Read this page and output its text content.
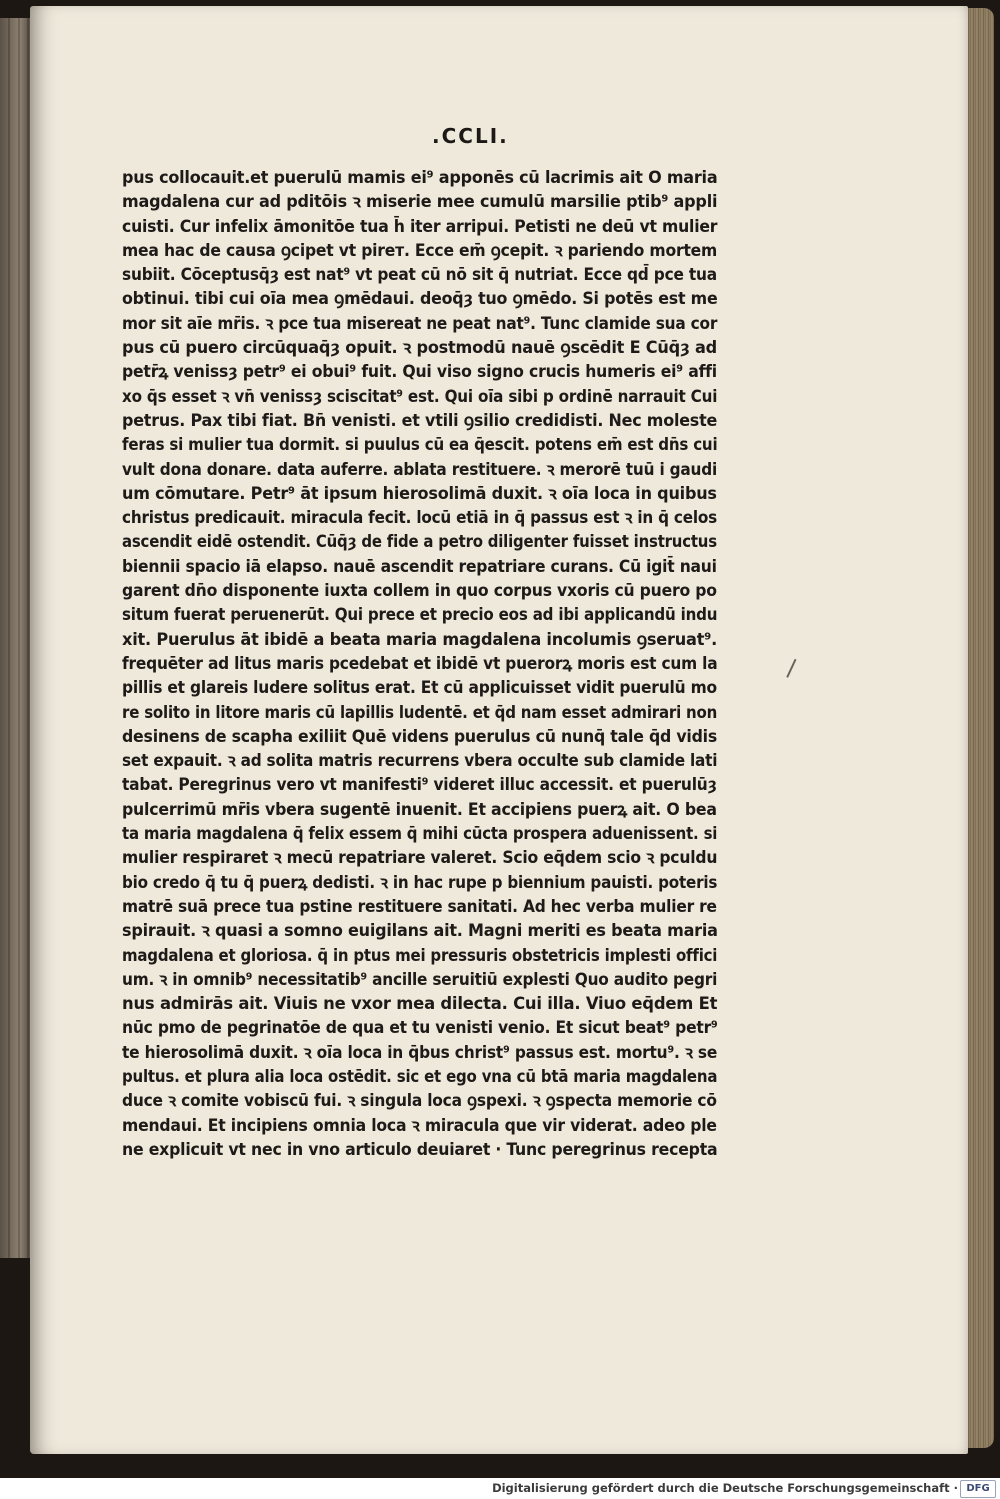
.CCLI.
pus collocauit.et puerulū mamis ei⁹ apponēs cū lacrimis ait O maria
magdalena cur ad pditōis ꝛ miserie mee cumulū marsilie ptib⁹ appli
cuisti. Cur infelix āmonitōe tua h̄ iter arripui. Petisti ne deū vt mulier
mea hac de causa ꝯcipet vt pireт. Ecce em̄ ꝯcepit. ꝛ pariendo mortem
subiit. Cōceptusq̄ȝ est nat⁹ vt peat cū nō sit q̄ nutriat. Ecce qd̄ pce tua
obtinui. tibi cui oīa mea ꝯmēdaui. deoq̄ȝ tuo ꝯmēdo. Si potēs est me
mor sit aīe mr̄is. ꝛ pce tua misereat ne peat nat⁹. Tunc clamide sua cor
pus cū puero circūquaq̄ȝ opuit. ꝛ postmodū nauē ꝯscēdit E Cūq̄ȝ ad
petr̄ꝝ venissȝ petr⁹ ei obui⁹ fuit. Qui viso signo crucis humeris ei⁹ affi
xo q̄s esset ꝛ vn̄ venissȝ sciscitat⁹ est. Qui oīa sibi p ordinē narrauit Cui
petrus. Pax tibi fiat. Bn̄ venisti. et vtili ꝯsilio credidisti. Nec moleste
feras si mulier tua dormit. si puulus cū ea q̄escit. potens em̄ est dn̄s cui
vult dona donare. data auferre. ablata restituere. ꝛ merorē tuū i gaudi
um cōmutare. Petr⁹ āt ipsum hierosolimā duxit. ꝛ oīa loca in quibus
christus predicauit. miracula fecit. locū etiā in q̄ passus est ꝛ in q̄ celos
ascendit eidē ostendit. Cūq̄ȝ de fide a petro diligenter fuisset instructus
biennii spacio iā elapso. nauē ascendit repatriare curans. Cū igit̄ naui
garent dn̄o disponente iuxta collem in quo corpus vxoris cū puero po
situm fuerat peruenerūt. Qui prece et precio eos ad ibi applicandū indu
xit. Puerulus āt ibidē a beata maria magdalena incolumis ꝯseruat⁹.
frequēter ad litus maris pcedebat et ibidē vt puerorꝝ moris est cum la
pillis et glareis ludere solitus erat. Et cū applicuisset vidit puerulū mo
re solito in litore maris cū lapillis ludentē. et q̄d nam esset admirari non
desinens de scapha exiliit Quē videns puerulus cū nunq̄ tale q̄d vidis
set expauit. ꝛ ad solita matris recurrens vbera occulte sub clamide lati
tabat. Peregrinus vero vt manifesti⁹ videret illuc accessit. et puerulūȝ
pulcerrimū mr̄is vbera sugentē inuenit. Et accipiens puerꝝ ait. O bea
ta maria magdalena q̄ felix essem q̄ mihi cūcta prospera aduenissent. si
mulier respiraret ꝛ mecū repatriare valeret. Scio eq̄dem scio ꝛ pculdu
bio credo q̄ tu q̄ puerꝝ dedisti. ꝛ in hac rupe p biennium pauisti. poteris
matrē suā prece tua pstine restituere sanitati. Ad hec verba mulier re
spirauit. ꝛ quasi a somno euigilans ait. Magni meriti es beata maria
magdalena et gloriosa. q̄ in ptus mei pressuris obstetricis implesti offici
um. ꝛ in omnib⁹ necessitatib⁹ ancille seruitiū explesti Quo audito pegri
nus admirās ait. Viuis ne vxor mea dilecta. Cui illa. Viuo eq̄dem Et
nūc pmo de pegrinatōe de qua et tu venisti venio. Et sicut beat⁹ petr⁹
te hierosolimā duxit. ꝛ oīa loca in q̄bus christ⁹ passus est. mortu⁹. ꝛ se
pultus. et plura alia loca ostēdit. sic et ego vna cū btā maria magdalena
duce ꝛ comite vobiscū fui. ꝛ singula loca ꝯspexi. ꝛ ꝯspecta memorie cō
mendaui. Et incipiens omnia loca ꝛ miracula que vir viderat. adeo ple
ne explicuit vt nec in vno articulo deuiaret · Tunc peregrinus recepta
Digitalisierung gefördert durch die Deutsche Forschungsgemeinschaft · DFG
